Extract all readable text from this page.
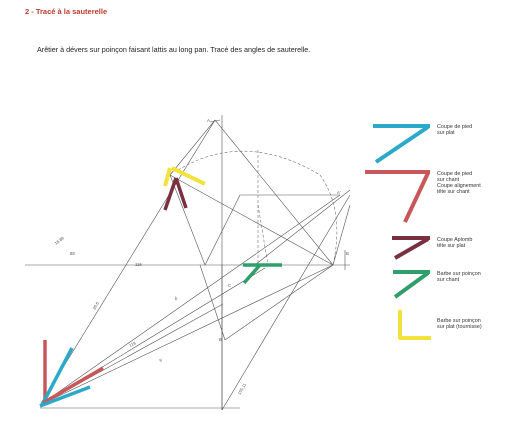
2 - Tracé à la sauterelle
Arêtier à dévers sur poinçon faisant lattis au long pan. Tracé des angles de sauterelle.
A
A'
B
C
B'
b
18.89
88
116
26.6
118
9
155.11
Coupe de pied
sur plat
Coupe de pied
sur chant
Coupe alignement
tête sur chant
Coupe Aplomb
tête sur plat
Barbe sur poinçon
sur chant
Barbe sur poinçon
sur plat (tournisse)
